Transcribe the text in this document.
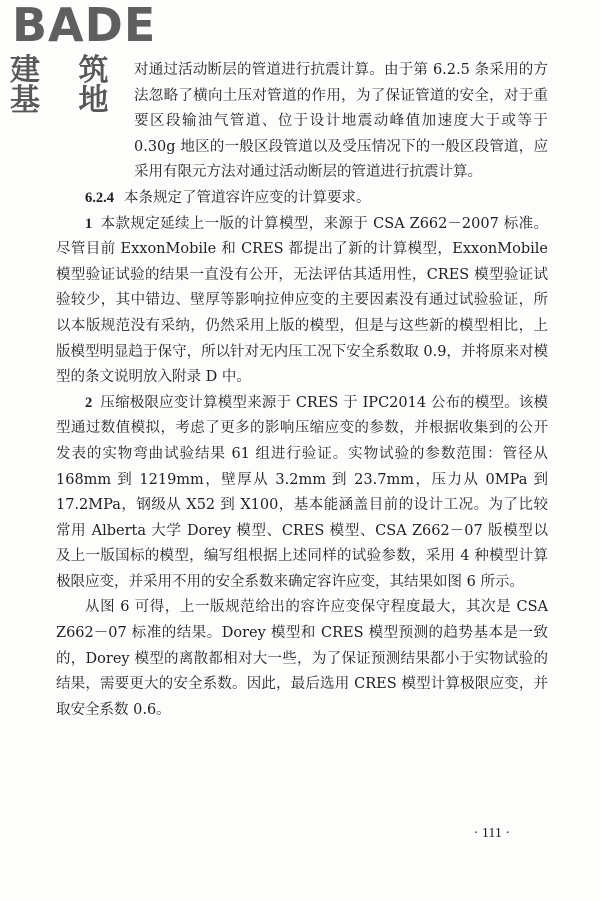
BADE
建 筑 基 地

对通过活动断层的管道进行抗震计算。由于第 6.2.5 条采用的方法忽略了横向土压对管道的作用，为了保证管道的安全，对于重要区段输油气管道、位于设计地震动峰值加速度大于或等于 0.30g 地区的一般区段管道以及受压情况下的一般区段管道，应采用有限元方法对通过活动断层的管道进行抗震计算。

6.2.4 本条规定了管道容许应变的计算要求。

1 本款规定延续上一版的计算模型，来源于 CSA Z662－2007 标准。尽管目前 ExxonMobile 和 CRES 都提出了新的计算模型，ExxonMobile 模型验证试验的结果一直没有公开，无法评估其适用性，CRES 模型验证试验较少，其中错边、壁厚等影响拉伸应变的主要因素没有通过试验验证，所以本版规范没有采纳，仍然采用上版的模型，但是与这些新的模型相比，上版模型明显趋于保守，所以针对无内压工况下安全系数取 0.9，并将原来对模型的条文说明放入附录 D 中。

2 压缩极限应变计算模型来源于 CRES 于 IPC2014 公布的模型。该模型通过数值模拟，考虑了更多的影响压缩应变的参数，并根据收集到的公开发表的实物弯曲试验结果 61 组进行验证。实物试验的参数范围：管径从 168mm 到 1219mm，壁厚从 3.2mm 到 23.7mm，压力从 0MPa 到 17.2MPa，钢级从 X52 到 X100，基本能涵盖目前的设计工况。为了比较常用 Alberta 大学 Dorey 模型、CRES 模型、CSA Z662－07 版模型以及上一版国标的模型，编写组根据上述同样的试验参数，采用 4 种模型计算极限应变，并采用不用的安全系数来确定容许应变，其结果如图 6 所示。

从图 6 可得，上一版规范给出的容许应变保守程度最大，其次是 CSA Z662－07 标准的结果。Dorey 模型和 CRES 模型预测的趋势基本是一致的，Dorey 模型的离散都相对大一些，为了保证预测结果都小于实物试验的结果，需要更大的安全系数。因此，最后选用 CRES 模型计算极限应变，并取安全系数 0.6。

· 111 ·
